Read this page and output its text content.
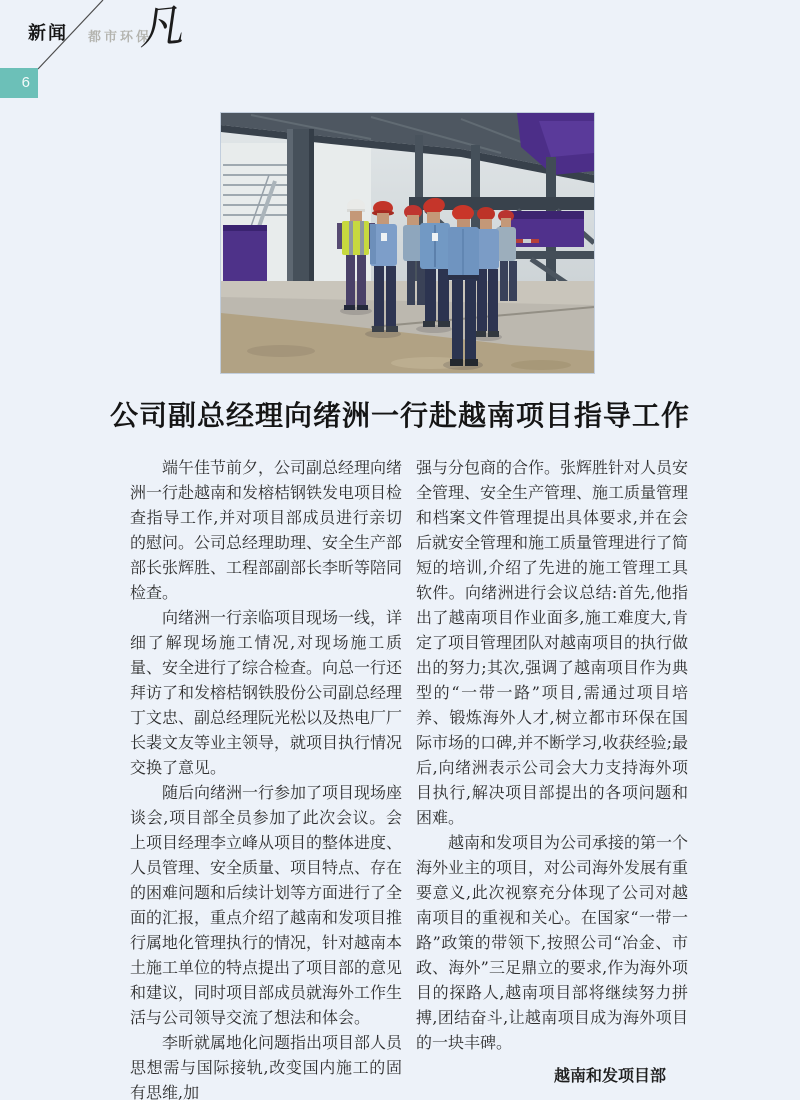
新闻 都市环保
凡
6
公司副总经理向绪洲一行赴越南项目指导工作

端午佳节前夕，公司副总经理向绪洲一行赴越南和发榕桔钢铁发电项目检查指导工作,并对项目部成员进行亲切的慰问。公司总经理助理、安全生产部部长张辉胜、工程部副部长李昕等陪同检查。

向绪洲一行亲临项目现场一线，详细了解现场施工情况,对现场施工质量、安全进行了综合检查。向总一行还拜访了和发榕桔钢铁股份公司副总经理丁文忠、副总经理阮光松以及热电厂厂长裴文友等业主领导，就项目执行情况交换了意见。

随后向绪洲一行参加了项目现场座谈会,项目部全员参加了此次会议。会上项目经理李立峰从项目的整体进度、人员管理、安全质量、项目特点、存在的困难问题和后续计划等方面进行了全面的汇报，重点介绍了越南和发项目推行属地化管理执行的情况，针对越南本土施工单位的特点提出了项目部的意见和建议，同时项目部成员就海外工作生活与公司领导交流了想法和体会。

李昕就属地化问题指出项目部人员思想需与国际接轨,改变国内施工的固有思维,加

强与分包商的合作。张辉胜针对人员安全管理、安全生产管理、施工质量管理和档案文件管理提出具体要求,并在会后就安全管理和施工质量管理进行了简短的培训,介绍了先进的施工管理工具软件。向绪洲进行会议总结:首先,他指出了越南项目作业面多,施工难度大,肯定了项目管理团队对越南项目的执行做出的努力;其次,强调了越南项目作为典型的“一带一路”项目,需通过项目培养、锻炼海外人才,树立都市环保在国际市场的口碑,并不断学习,收获经验;最后,向绪洲表示公司会大力支持海外项目执行,解决项目部提出的各项问题和困难。

越南和发项目为公司承接的第一个海外业主的项目，对公司海外发展有重要意义,此次视察充分体现了公司对越南项目的重视和关心。在国家“一带一路”政策的带领下,按照公司“冶金、市政、海外”三足鼎立的要求,作为海外项目的探路人,越南项目部将继续努力拼搏,团结奋斗,让越南项目成为海外项目的一块丰碑。

越南和发项目部
